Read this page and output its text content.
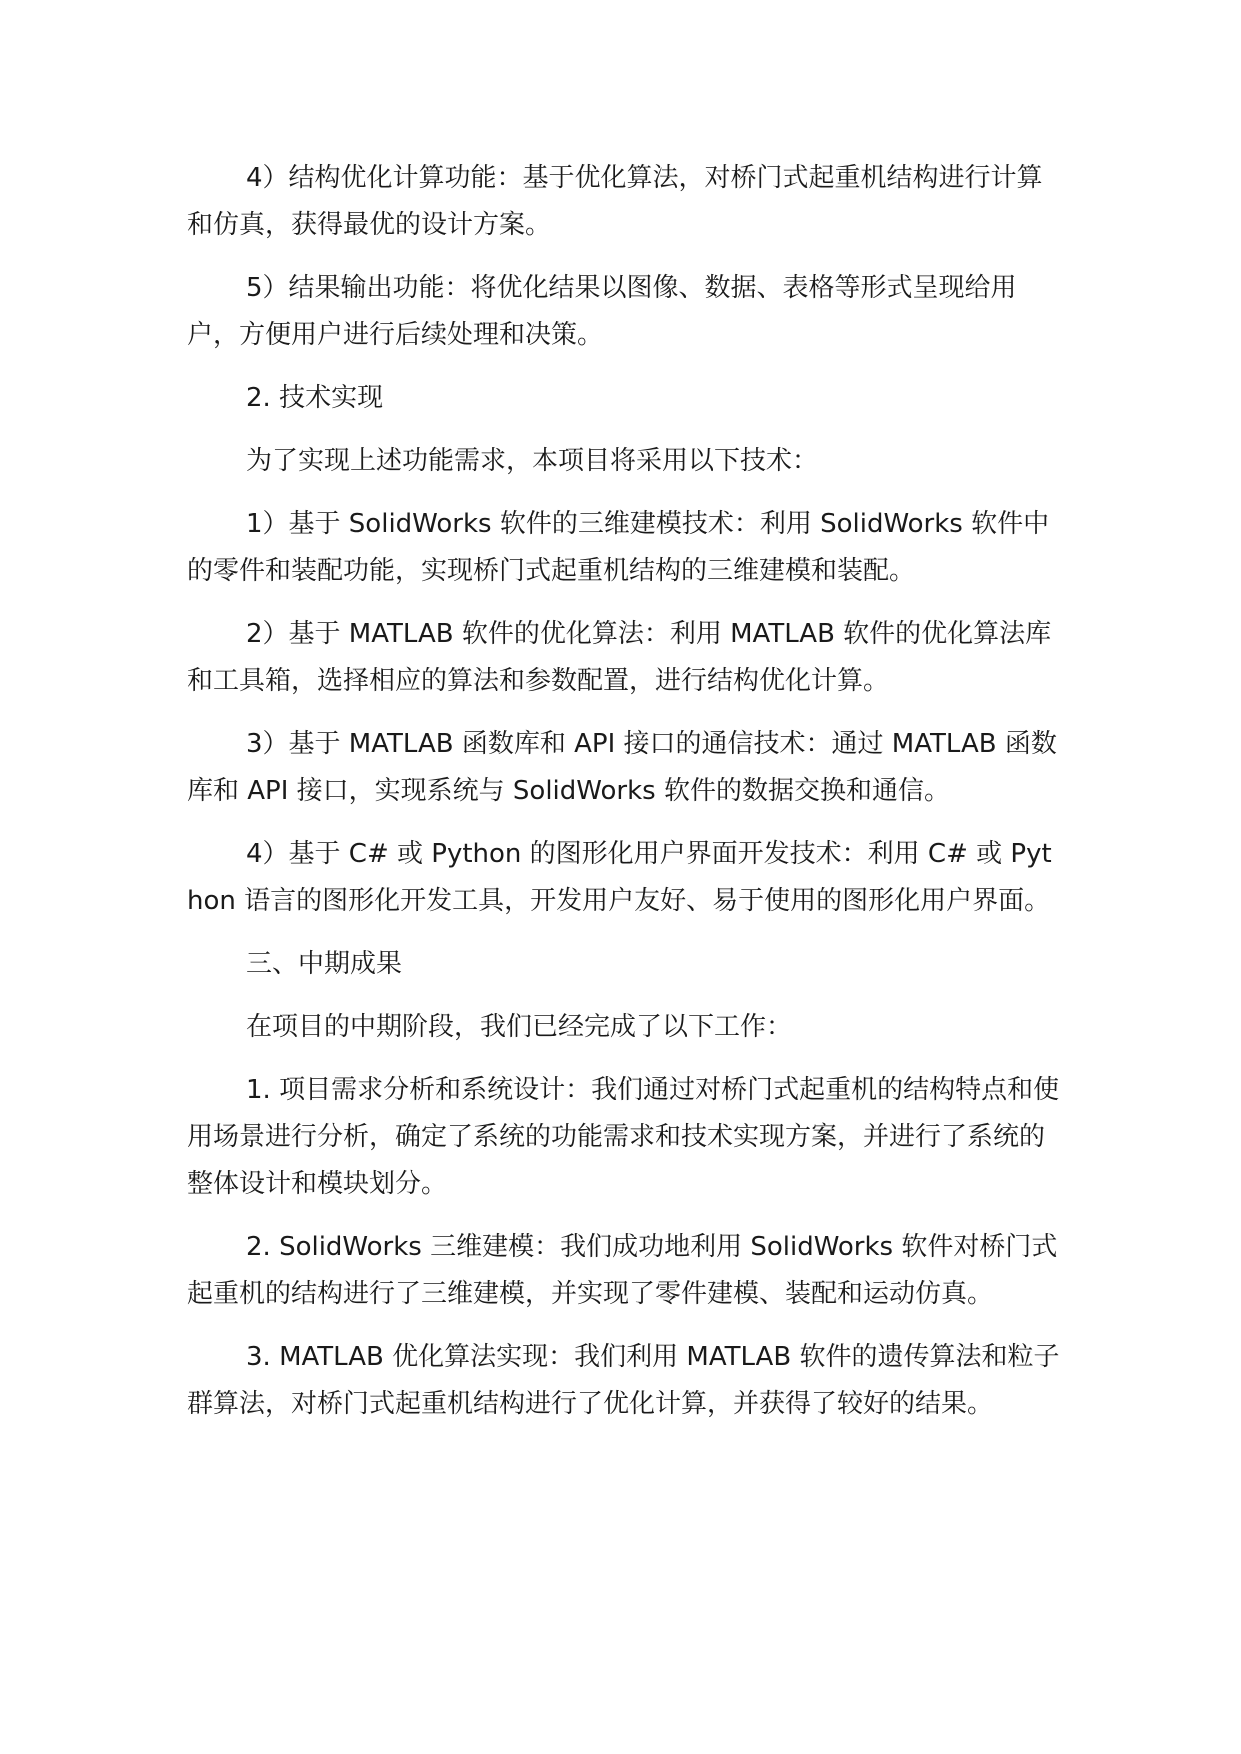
4）结构优化计算功能：基于优化算法，对桥门式起重机结构进行计算和仿真，获得最优的设计方案。

5）结果输出功能：将优化结果以图像、数据、表格等形式呈现给用户，方便用户进行后续处理和决策。

2. 技术实现

为了实现上述功能需求，本项目将采用以下技术：

1）基于 SolidWorks 软件的三维建模技术：利用 SolidWorks 软件中的零件和装配功能，实现桥门式起重机结构的三维建模和装配。

2）基于 MATLAB 软件的优化算法：利用 MATLAB 软件的优化算法库和工具箱，选择相应的算法和参数配置，进行结构优化计算。

3）基于 MATLAB 函数库和 API 接口的通信技术：通过 MATLAB 函数库和 API 接口，实现系统与 SolidWorks 软件的数据交换和通信。

4）基于 C# 或 Python 的图形化用户界面开发技术：利用 C# 或 Python 语言的图形化开发工具，开发用户友好、易于使用的图形化用户界面。

三、中期成果

在项目的中期阶段，我们已经完成了以下工作：

1. 项目需求分析和系统设计：我们通过对桥门式起重机的结构特点和使用场景进行分析，确定了系统的功能需求和技术实现方案，并进行了系统的整体设计和模块划分。

2. SolidWorks 三维建模：我们成功地利用 SolidWorks 软件对桥门式起重机的结构进行了三维建模，并实现了零件建模、装配和运动仿真。

3. MATLAB 优化算法实现：我们利用 MATLAB 软件的遗传算法和粒子群算法，对桥门式起重机结构进行了优化计算，并获得了较好的结果。
